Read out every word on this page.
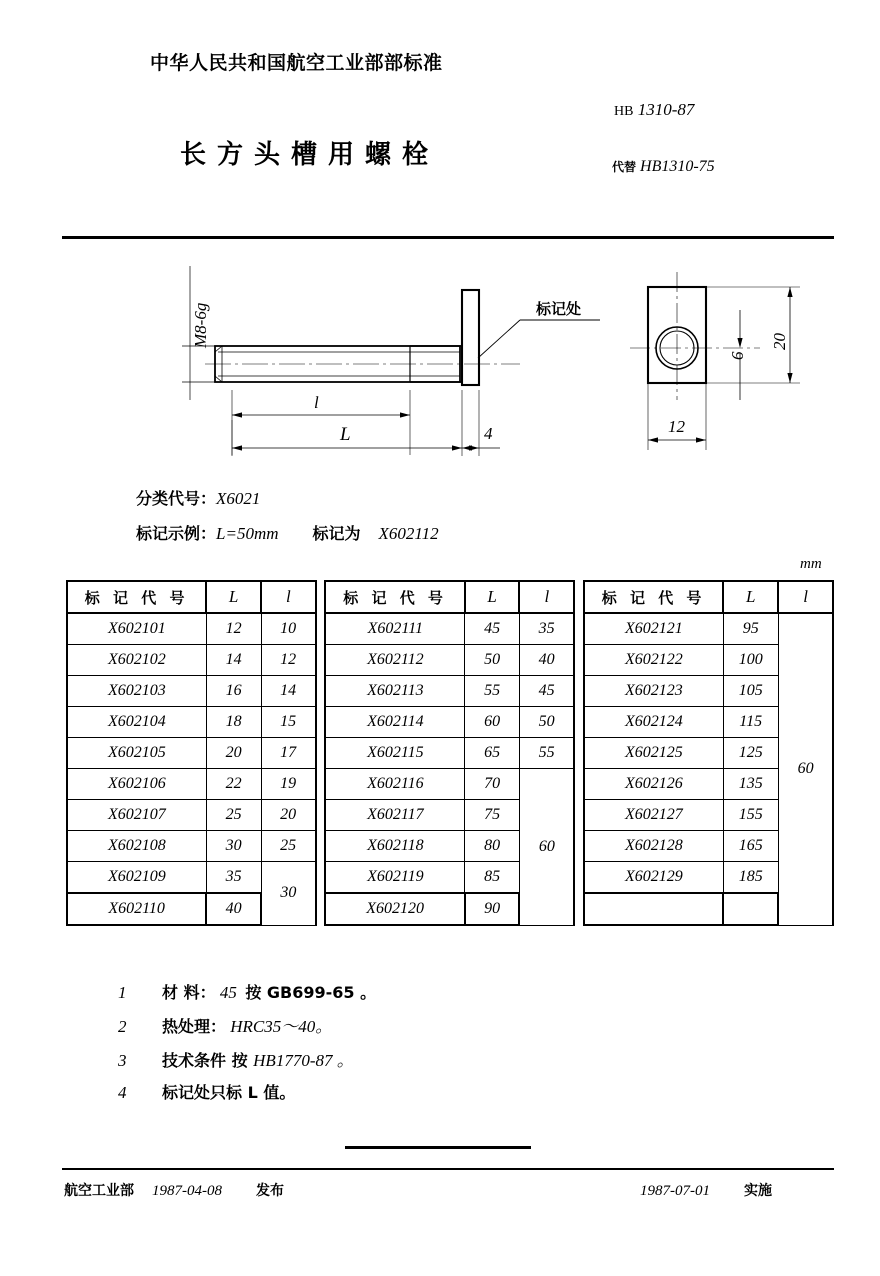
中华人民共和国航空工业部部标准
长方头槽用螺栓
HB 1310-87
代替 HB1310-75
M8-6g	标记处
l
L	4
20
6
12
分类代号：X6021
标记示例：L=50mm 标记为 X602112
mm
标 记 代 号	L	l		标 记 代 号	L	l		标 记 代 号	L	l
X602101	12	10		X602111	45	35		X602121	95	60
X602102	14	12		X602112	50	40		X602122	100	
X602103	16	14		X602113	55	45		X602123	105	
X602104	18	15		X602114	60	50		X602124	115	
X602105	20	17		X602115	65	55		X602125	125	
X602106	22	19		X602116	70	60		X602126	135	
X602107	25	20		X602117	75			X602127	155	
X602108	30	25		X602118	80			X602128	165	
X602109	35	30		X602119	85			X602129	185	
X602110	40			X602120	90					
1	材 料： 45 按 GB699-65 。
2	热处理： HRC35～40。
3	技术条件 按 HB1770-87 。
4	标记处只标 L 值。
航空工业部 1987-04-08 发布	1987-07-01 实施
